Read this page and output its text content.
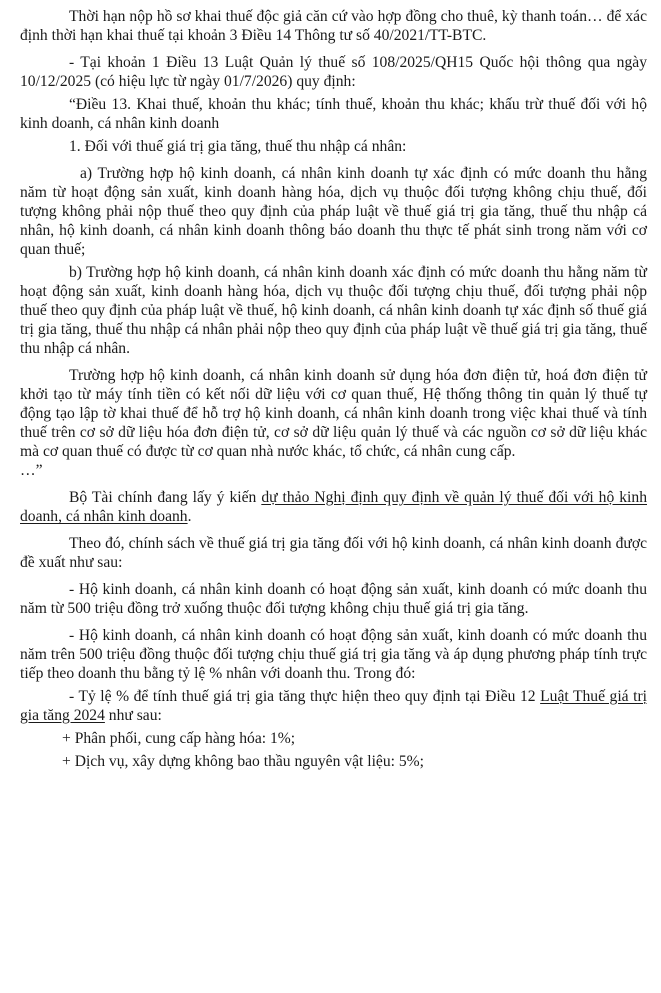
Thời hạn nộp hồ sơ khai thuế độc giả căn cứ vào hợp đồng cho thuê, kỳ thanh toán… để xác định thời hạn khai thuế tại khoản 3 Điều 14 Thông tư số 40/2021/TT-BTC.

- Tại khoản 1 Điều 13 Luật Quản lý thuế số 108/2025/QH15 Quốc hội thông qua ngày 10/12/2025 (có hiệu lực từ ngày 01/7/2026) quy định:

“Điều 13. Khai thuế, khoản thu khác; tính thuế, khoản thu khác; khấu trừ thuế đối với hộ kinh doanh, cá nhân kinh doanh

1. Đối với thuế giá trị gia tăng, thuế thu nhập cá nhân:

a) Trường hợp hộ kinh doanh, cá nhân kinh doanh tự xác định có mức doanh thu hằng năm từ hoạt động sản xuất, kinh doanh hàng hóa, dịch vụ thuộc đối tượng không chịu thuế, đối tượng không phải nộp thuế theo quy định của pháp luật về thuế giá trị gia tăng, thuế thu nhập cá nhân, hộ kinh doanh, cá nhân kinh doanh thông báo doanh thu thực tế phát sinh trong năm với cơ quan thuế;

b) Trường hợp hộ kinh doanh, cá nhân kinh doanh xác định có mức doanh thu hằng năm từ hoạt động sản xuất, kinh doanh hàng hóa, dịch vụ thuộc đối tượng chịu thuế, đối tượng phải nộp thuế theo quy định của pháp luật về thuế, hộ kinh doanh, cá nhân kinh doanh tự xác định số thuế giá trị gia tăng, thuế thu nhập cá nhân phải nộp theo quy định của pháp luật về thuế giá trị gia tăng, thuế thu nhập cá nhân.

Trường hợp hộ kinh doanh, cá nhân kinh doanh sử dụng hóa đơn điện tử, hoá đơn điện tử khởi tạo từ máy tính tiền có kết nối dữ liệu với cơ quan thuế, Hệ thống thông tin quản lý thuế tự động tạo lập tờ khai thuế để hỗ trợ hộ kinh doanh, cá nhân kinh doanh trong việc khai thuế và tính thuế trên cơ sở dữ liệu hóa đơn điện tử, cơ sở dữ liệu quản lý thuế và các nguồn cơ sở dữ liệu khác mà cơ quan thuế có được từ cơ quan nhà nước khác, tổ chức, cá nhân cung cấp.

…”

Bộ Tài chính đang lấy ý kiến dự thảo Nghị định quy định về quản lý thuế đối với hộ kinh doanh, cá nhân kinh doanh.

Theo đó, chính sách về thuế giá trị gia tăng đối với hộ kinh doanh, cá nhân kinh doanh được đề xuất như sau:

- Hộ kinh doanh, cá nhân kinh doanh có hoạt động sản xuất, kinh doanh có mức doanh thu năm từ 500 triệu đồng trở xuống thuộc đối tượng không chịu thuế giá trị gia tăng.

- Hộ kinh doanh, cá nhân kinh doanh có hoạt động sản xuất, kinh doanh có mức doanh thu năm trên 500 triệu đồng thuộc đối tượng chịu thuế giá trị gia tăng và áp dụng phương pháp tính trực tiếp theo doanh thu bằng tỷ lệ % nhân với doanh thu. Trong đó:

- Tỷ lệ % để tính thuế giá trị gia tăng thực hiện theo quy định tại Điều 12 Luật Thuế giá trị gia tăng 2024 như sau:

+ Phân phối, cung cấp hàng hóa: 1%;

+ Dịch vụ, xây dựng không bao thầu nguyên vật liệu: 5%;
